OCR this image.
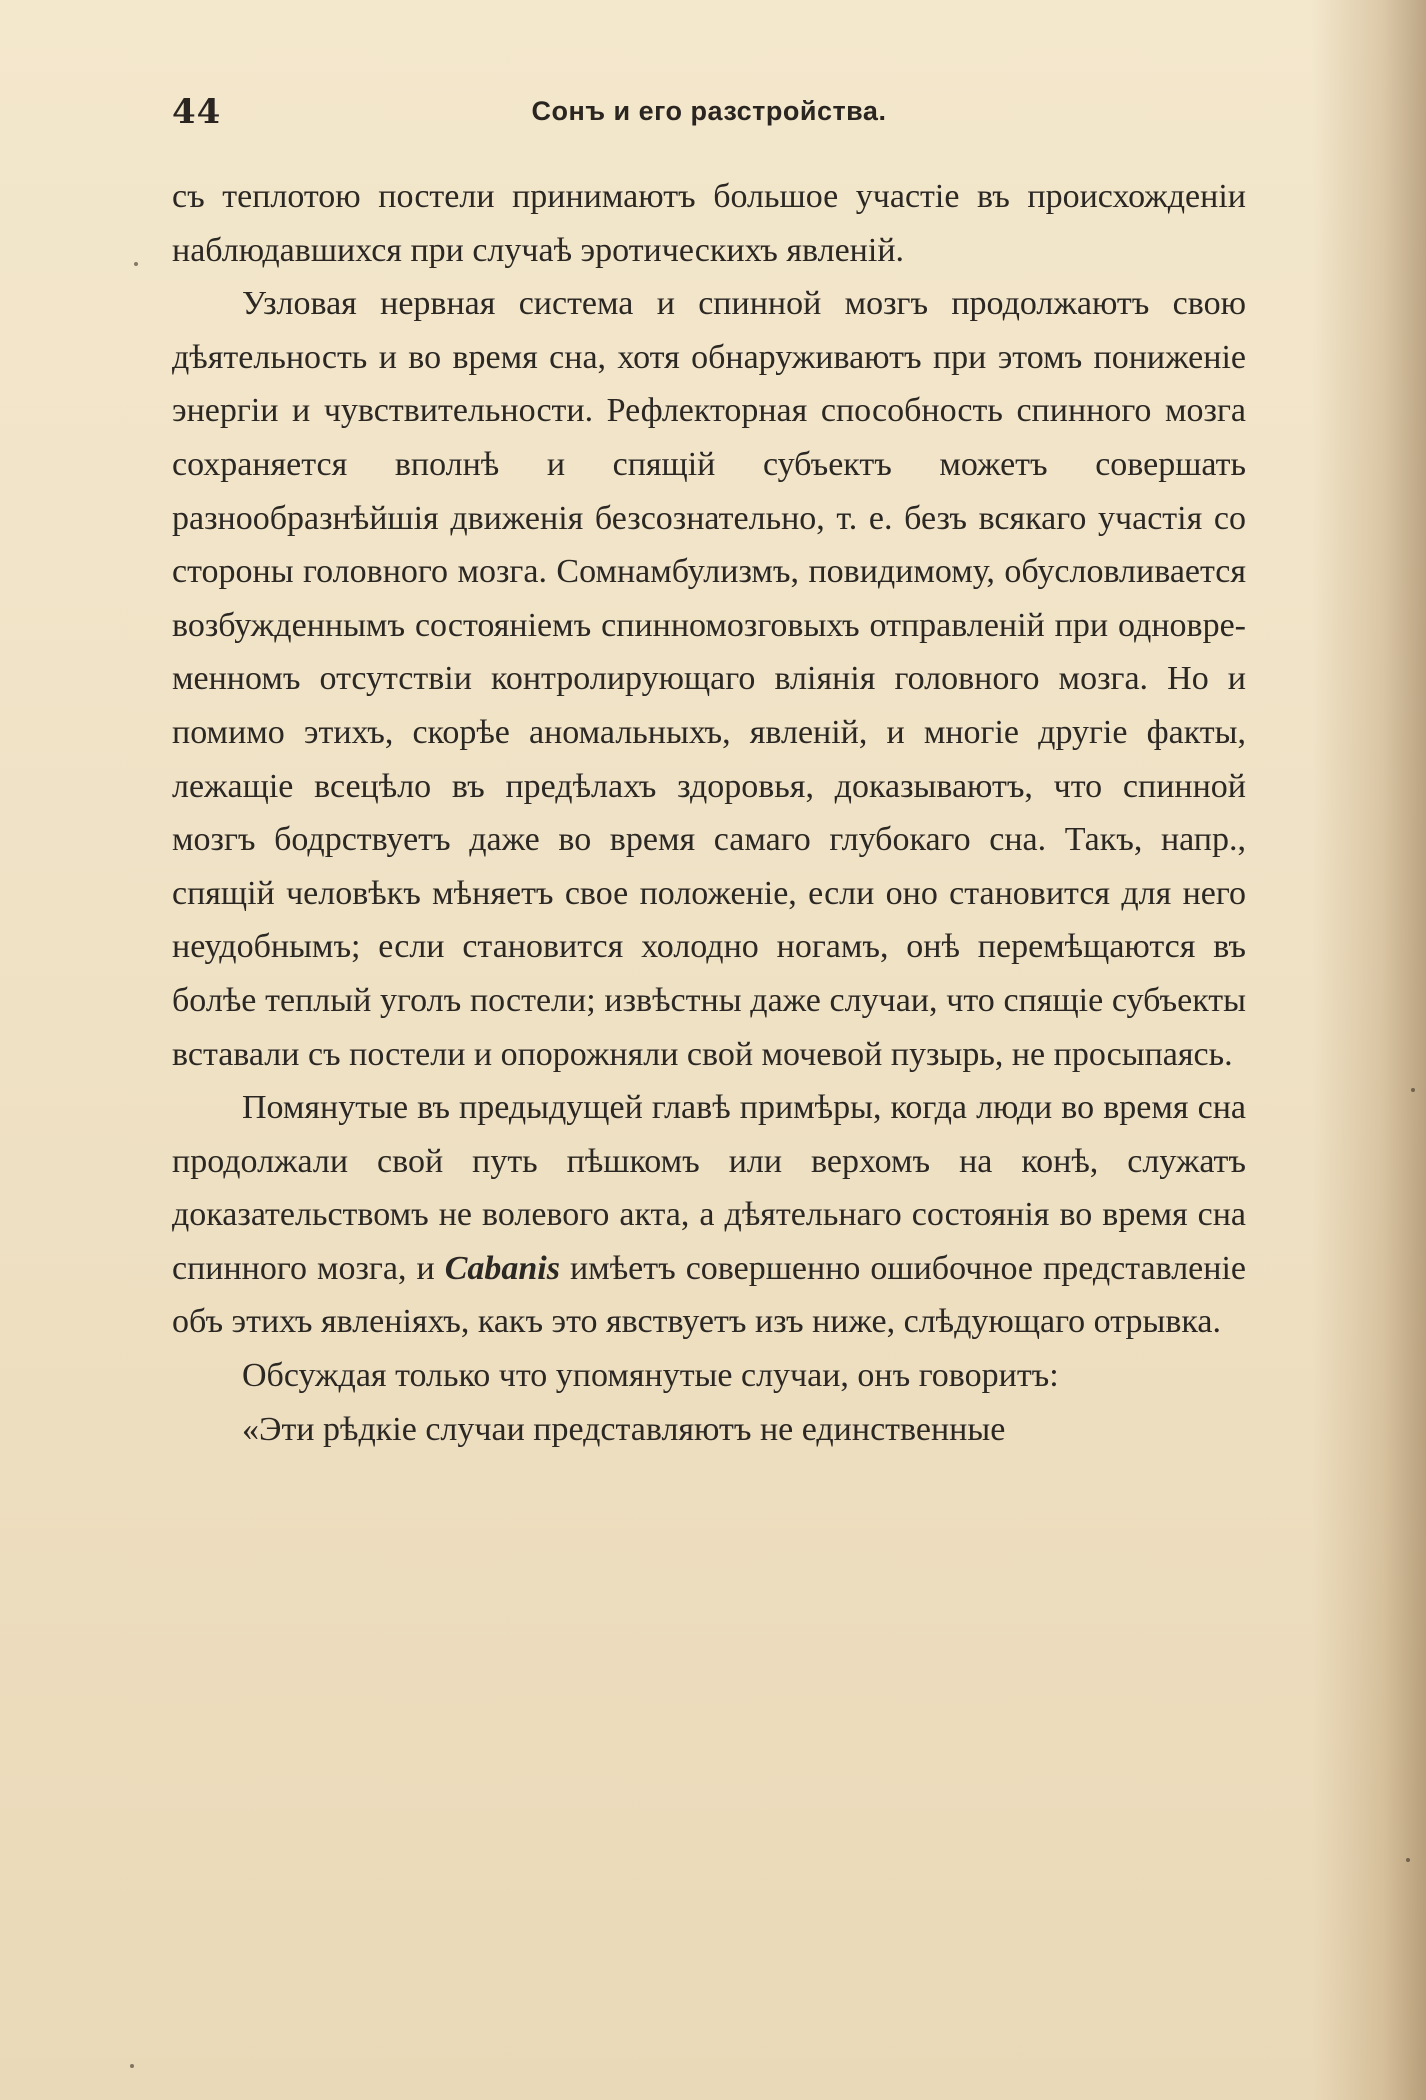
44	Сонъ и его разстройства.

съ теплотою постели принимаютъ большое участіе въ происхожденіи наблюдавшихся при случаѣ эротическихъ явленій.

Узловая нервная система и спинной мозгъ продолжаютъ свою дѣятельность и во время сна, хотя обнаруживаютъ при этомъ пониженіе энергіи и чувствительности. Рефлекторная способность спинного мозга сохраняется вполнѣ и спящій субъектъ можетъ совершать разнообразнѣйшія движенія безсознательно, т. е. безъ всякаго участія со стороны головного мозга. Сомнамбулизмъ, повидимому, обусловливается возбужденнымъ состояніемъ спинномозговыхъ отправленій при одновременномъ отсутствіи контролирующаго вліянія головного мозга. Но и помимо этихъ, скорѣе аномальныхъ, явленій, и многіе другіе факты, лежащіе всецѣло въ предѣлахъ здоровья, доказываютъ, что спинной мозгъ бодрствуетъ даже во время самаго глубокаго сна. Такъ, напр., спящій человѣкъ мѣняетъ свое положеніе, если оно становится для него неудобнымъ; если становится холодно ногамъ, онѣ перемѣщаются въ болѣе теплый уголъ постели; извѣстны даже случаи, что спящіе субъекты вставали съ постели и опорожняли свой мочевой пузырь, не просыпаясь.

Помянутые въ предыдущей главѣ примѣры, когда люди во время сна продолжали свой путь пѣшкомъ или верхомъ на конѣ, служатъ доказательствомъ не волевого акта, а дѣятельнаго состоянія во время сна спинного мозга, и Cabanis имѣетъ совершенно ошибочное представленіе объ этихъ явленіяхъ, какъ это явствуетъ изъ ниже, слѣдующаго отрывка.

Обсуждая только что упомянутые случаи, онъ говоритъ:

«Эти рѣдкіе случаи представляютъ не единственные
